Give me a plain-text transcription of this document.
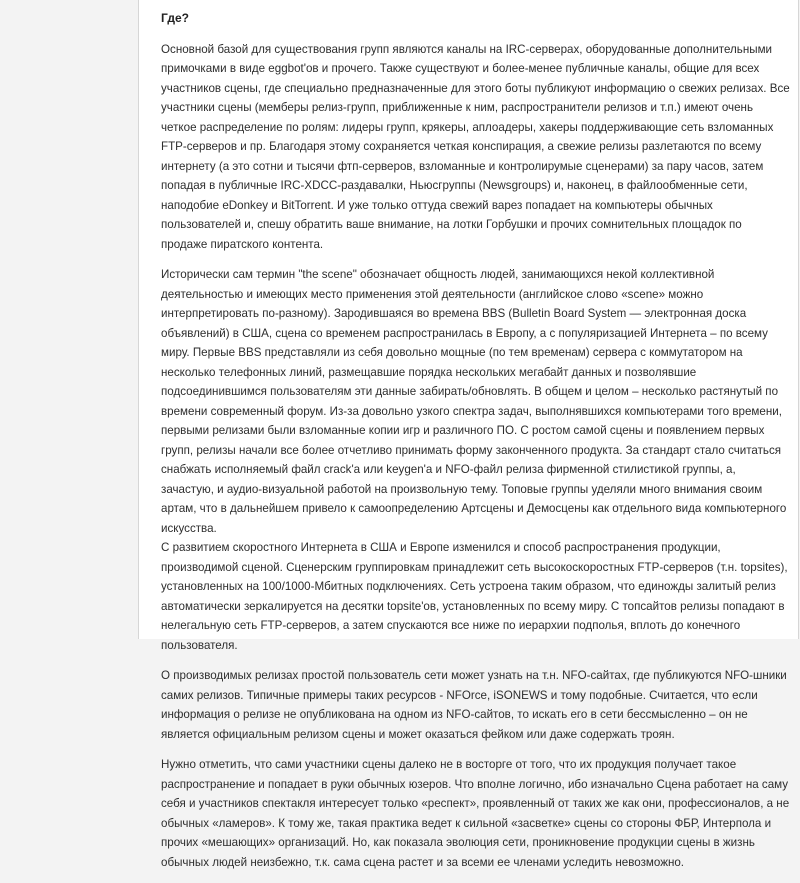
Где?

Основной базой для существования групп являются каналы на IRC-серверах, оборудованные дополнительными примочками в виде eggbot'ов и прочего. Также существуют и более-менее публичные каналы, общие для всех участников сцены, где специально предназначенные для этого боты публикуют информацию о свежих релизах. Все участники сцены (мемберы релиз-групп, приближенные к ним, распространители релизов и т.п.) имеют очень четкое распределение по ролям: лидеры групп, крякеры, аплоадеры, хакеры поддерживающие сеть взломанных FTP-серверов и пр. Благодаря этому сохраняется четкая конспирация, а свежие релизы разлетаются по всему интернету (а это сотни и тысячи фтп-серверов, взломанные и контролирумые сценерами) за пару часов, затем попадая в публичные IRC-XDCC-раздавалки, Ньюсгруппы (Newsgroups) и, наконец, в файлообменные сети, наподобие eDonkey и BitTorrent. И уже только оттуда свежий варез попадает на компьютеры обычных пользователей и, спешу обратить ваше внимание, на лотки Горбушки и прочих сомнительных площадок по продаже пиратского контента.

Исторически сам термин "the scene" обозначает общность людей, занимающихся некой коллективной деятельностью и имеющих место применения этой деятельности (английское слово «scene» можно интерпретировать по-разному). Зародившаяся во времена BBS (Bulletin Board System — электронная доска объявлений) в США, сцена со временем распространилась в Европу, а с популяризацией Интернета – по всему миру. Первые BBS представляли из себя довольно мощные (по тем временам) сервера с коммутатором на несколько телефонных линий, размещавшие порядка нескольких мегабайт данных и позволявшие подсоединившимся пользователям эти данные забирать/обновлять. В общем и целом – несколько растянутый по времени современный форум. Из-за довольно узкого спектра задач, выполнявшихся компьютерами того времени, первыми релизами были взломанные копии игр и различного ПО. С ростом самой сцены и появлением первых групп, релизы начали все более отчетливо принимать форму законченного продукта. За стандарт стало считаться снабжать исполняемый файл crack'а или keygen'а и NFO-файл релиза фирменной стилистикой группы, а, зачастую, и аудио-визуальной работой на произвольную тему. Топовые группы уделяли много внимания своим артам, что в дальнейшем привело к самоопределению Артсцены и Демосцены как отдельного вида компьютерного искусства.

С развитием скоростного Интернета в США и Европе изменился и способ распространения продукции, производимой сценой. Сценерским группировкам принадлежит сеть высокоскоростных FTP-серверов (т.н. topsites), установленных на 100/1000-Мбитных подключениях. Сеть устроена таким образом, что единожды залитый релиз автоматически зеркалируется на десятки topsite'ов, установленных по всему миру. С топсайтов релизы попадают в нелегальную сеть FTP-серверов, а затем спускаются все ниже по иерархии подполья, вплоть до конечного пользователя.

О производимых релизах простой пользователь сети может узнать на т.н. NFO-сайтах, где публикуются NFO-шники самих релизов. Типичные примеры таких ресурсов - NFOrce, iSONEWS и тому подобные. Считается, что если информация о релизе не опубликована на одном из NFO-сайтов, то искать его в сети бессмысленно – он не является официальным релизом сцены и может оказаться фейком или даже содержать троян.

Нужно отметить, что сами участники сцены далеко не в восторге от того, что их продукция получает такое распространение и попадает в руки обычных юзеров. Что вполне логично, ибо изначально Сцена работает на саму себя и участников спектакля интересует только «респект», проявленный от таких же как они, профессионалов, а не обычных «ламеров». К тому же, такая практика ведет к сильной «засветке» сцены со стороны ФБР, Интерпола и прочих «мешающих» организаций. Но, как показала эволюция сети, проникновение продукции сцены в жизнь обычных людей неизбежно, т.к. сама сцена растет и за всеми ее членами уследить невозможно.
